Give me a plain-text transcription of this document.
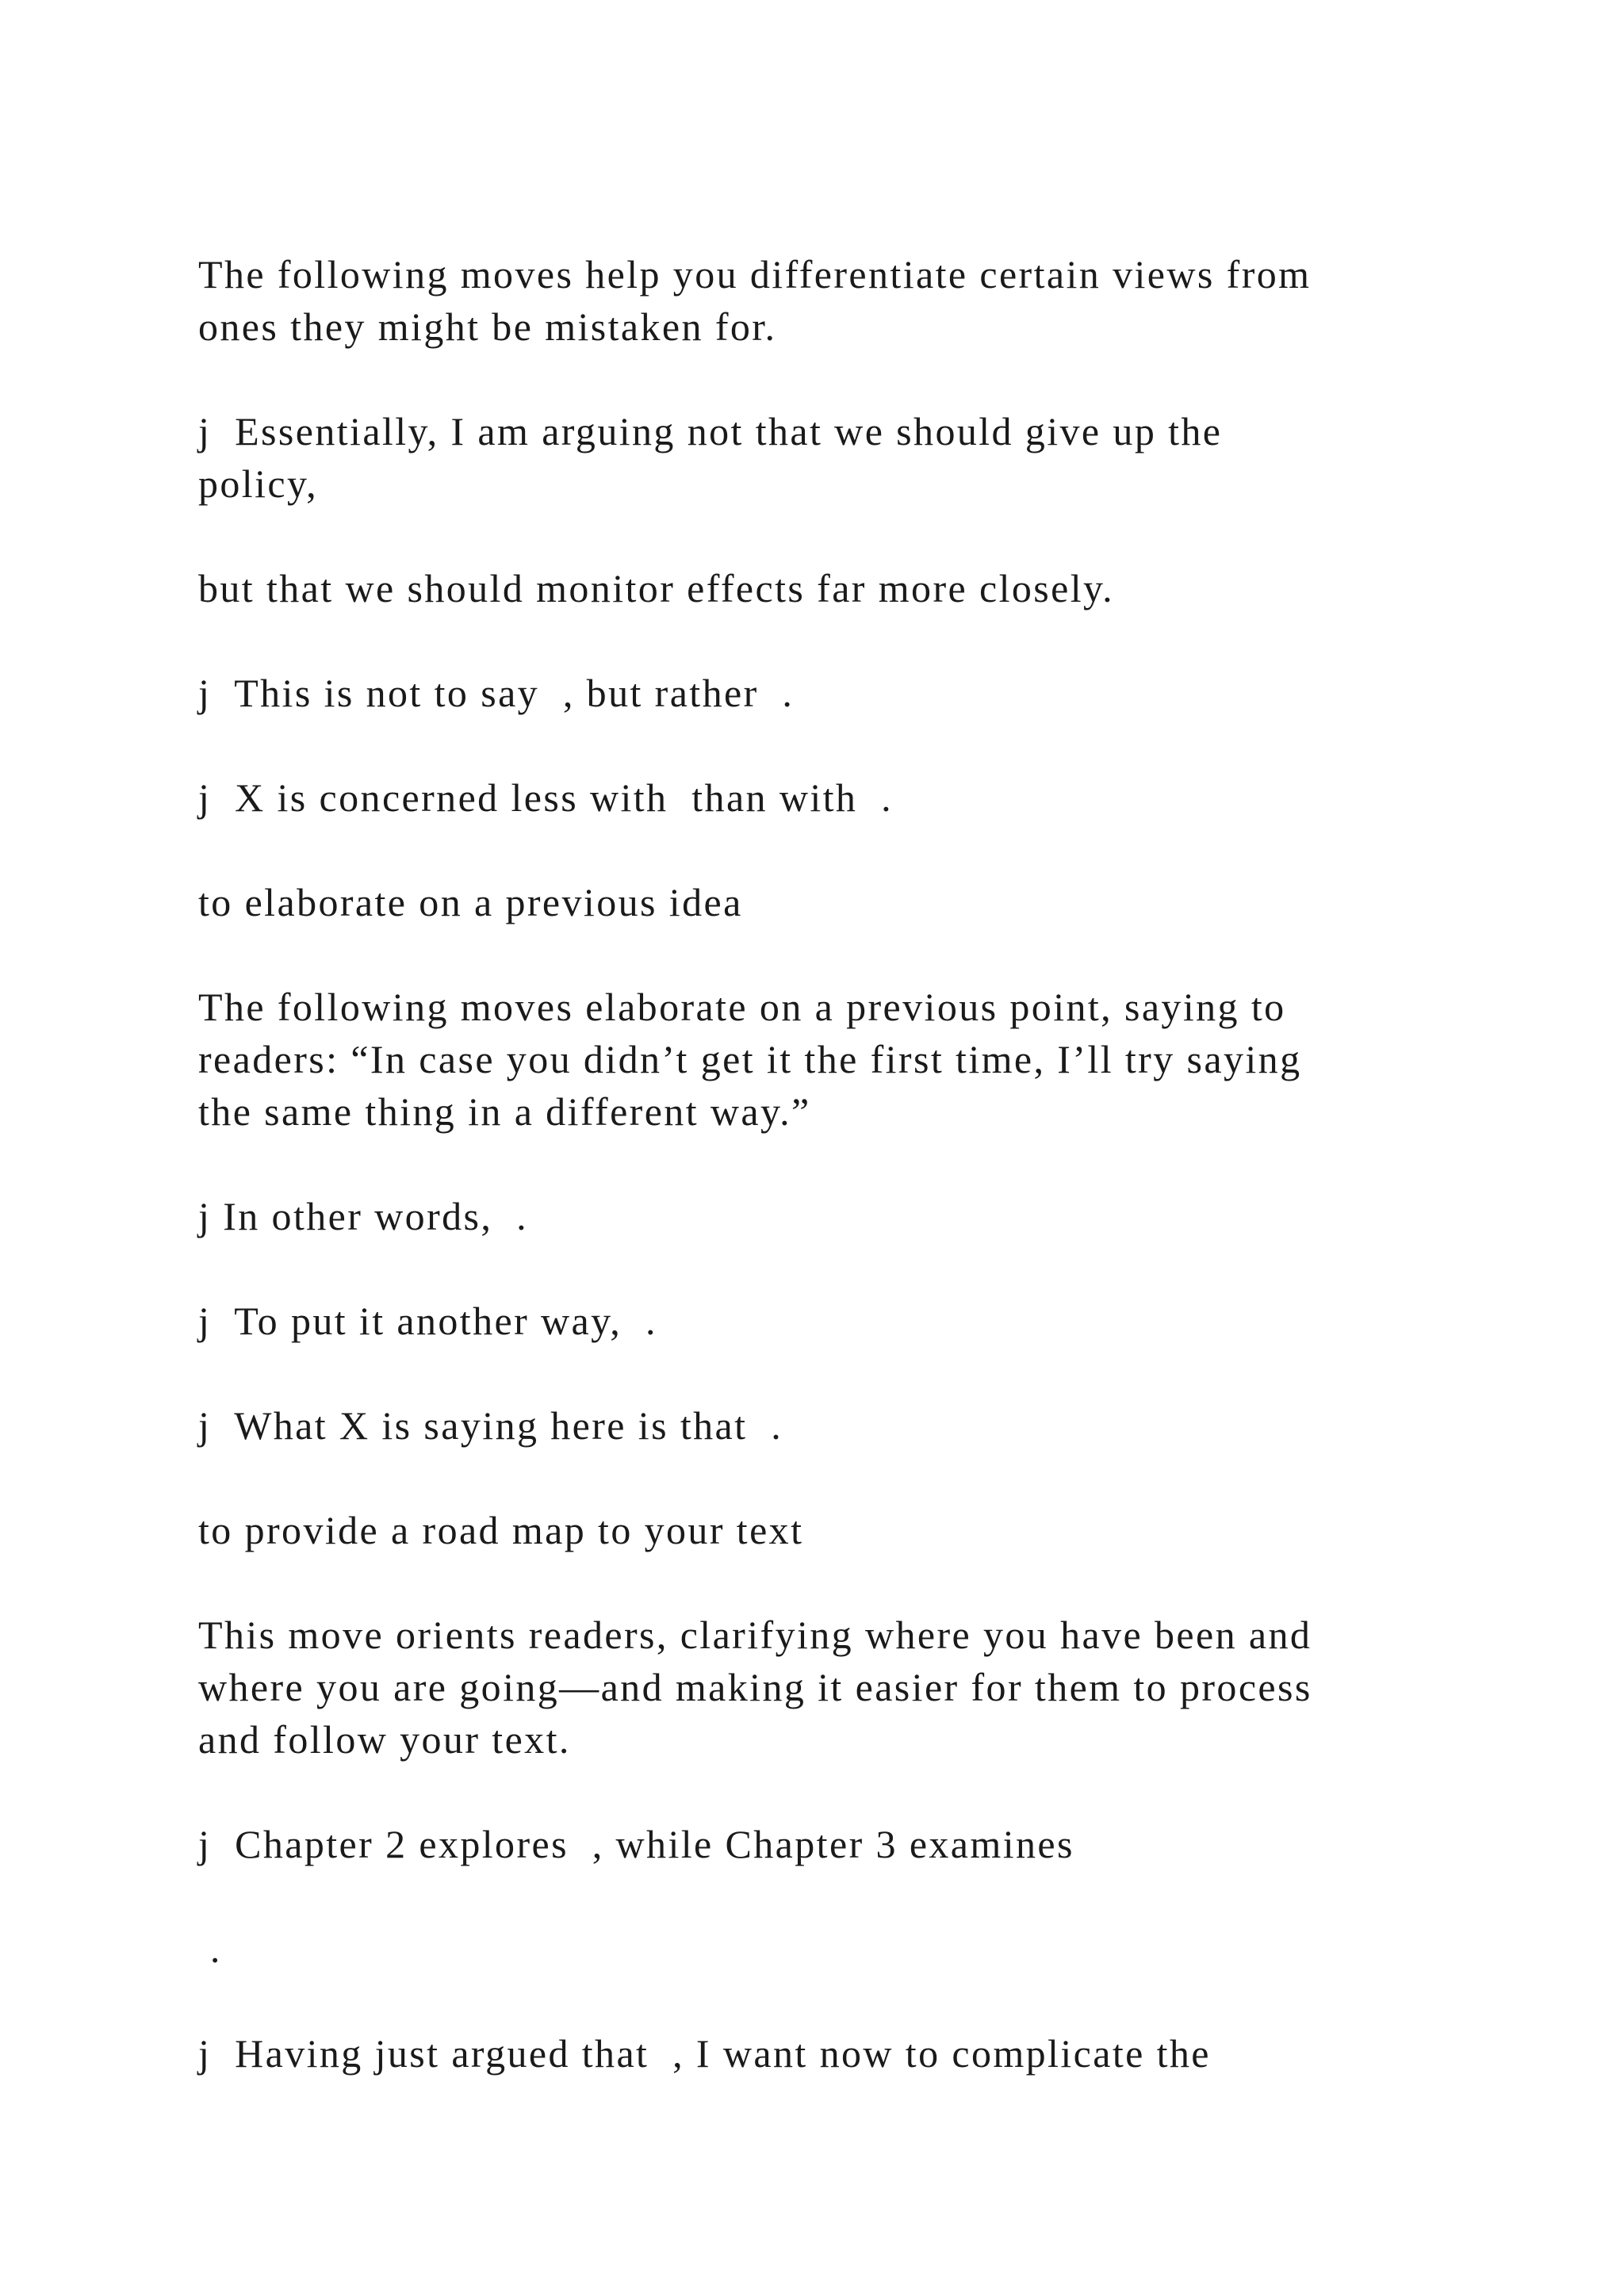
The following moves help you differentiate certain views from
ones they might be mistaken for.

j  Essentially, I am arguing not that we should give up the
policy,

but that we should monitor effects far more closely.

j  This is not to say  , but rather  .

j  X is concerned less with  than with  .

to elaborate on a previous idea

The following moves elaborate on a previous point, saying to
readers: “In case you didn’t get it the first time, I’ll try saying
the same thing in a different way.”

j In other words,  .

j  To put it another way,  .

j  What X is saying here is that  .

to provide a road map to your text

This move orients readers, clarifying where you have been and
where you are going—and making it easier for them to process
and follow your text.

j  Chapter 2 explores  , while Chapter 3 examines

.

j  Having just argued that  , I want now to complicate the
